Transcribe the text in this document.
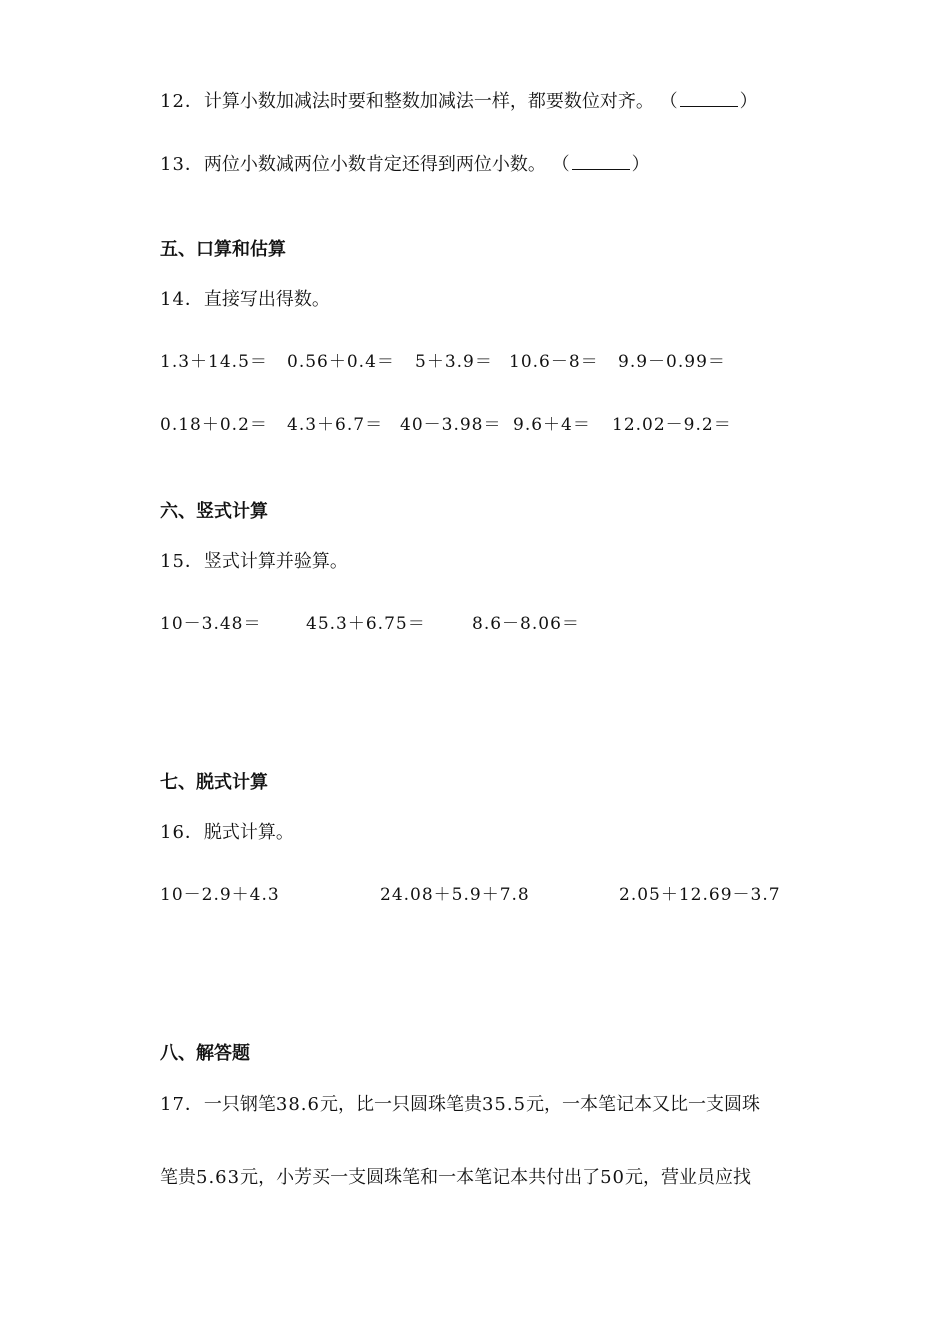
12．计算小数加减法时要和整数加减法一样，都要数位对齐。 （	）
13．两位小数减两位小数肯定还得到两位小数。 （	）
五、口算和估算
14．直接写出得数。
1.3＋14.5＝ 0.56＋0.4＝ 5＋3.9＝ 10.6－8＝ 9.9－0.99＝
0.18＋0.2＝ 4.3＋6.7＝ 40－3.98＝ 9.6＋4＝ 12.02－9.2＝
六、竖式计算
15．竖式计算并验算。
10－3.48＝	45.3＋6.75＝	8.6－8.06＝
七、脱式计算
16．脱式计算。
10－2.9＋4.3	24.08＋5.9＋7.8	2.05＋12.69－3.7
八、解答题
17．一只钢笔38.6元，比一只圆珠笔贵35.5元，一本笔记本又比一支圆珠
笔贵5.63元，小芳买一支圆珠笔和一本笔记本共付出了50元，营业员应找
